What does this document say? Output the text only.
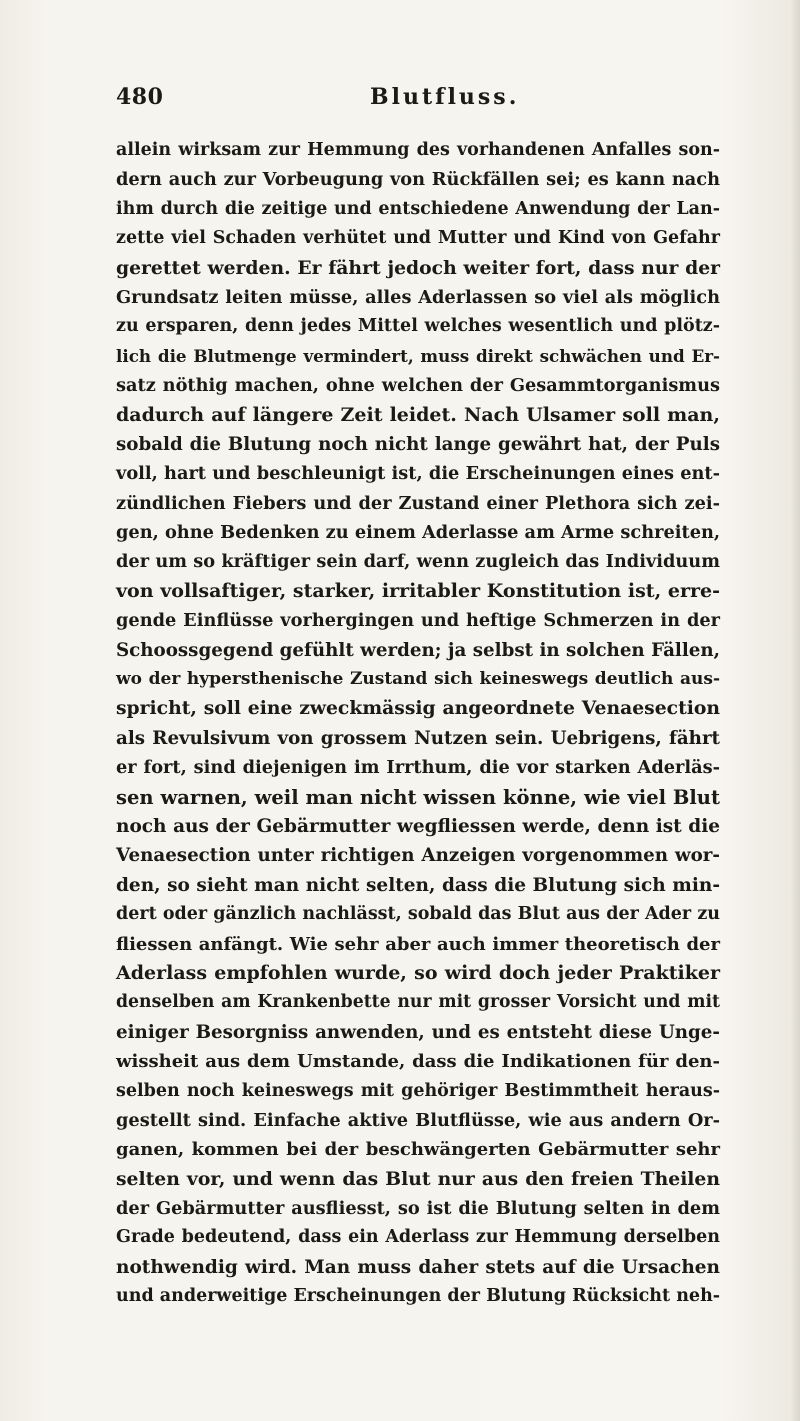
480	Blutfluss.
allein wirksam zur Hemmung des vorhandenen Anfalles son-
dern auch zur Vorbeugung von Rückfällen sei; es kann nach
ihm durch die zeitige und entschiedene Anwendung der Lan-
zette viel Schaden verhütet und Mutter und Kind von Gefahr
gerettet werden. Er fährt jedoch weiter fort, dass nur der
Grundsatz leiten müsse, alles Aderlassen so viel als möglich
zu ersparen, denn jedes Mittel welches wesentlich und plötz-
lich die Blutmenge vermindert, muss direkt schwächen und Er-
satz nöthig machen, ohne welchen der Gesammtorganismus
dadurch auf längere Zeit leidet. Nach Ulsamer soll man,
sobald die Blutung noch nicht lange gewährt hat, der Puls
voll, hart und beschleunigt ist, die Erscheinungen eines ent-
zündlichen Fiebers und der Zustand einer Plethora sich zei-
gen, ohne Bedenken zu einem Aderlasse am Arme schreiten,
der um so kräftiger sein darf, wenn zugleich das Individuum
von vollsaftiger, starker, irritabler Konstitution ist, erre-
gende Einflüsse vorhergingen und heftige Schmerzen in der
Schoossgegend gefühlt werden; ja selbst in solchen Fällen,
wo der hypersthenische Zustand sich keineswegs deutlich aus-
spricht, soll eine zweckmässig angeordnete Venaesection
als Revulsivum von grossem Nutzen sein. Uebrigens, fährt
er fort, sind diejenigen im Irrthum, die vor starken Aderläs-
sen warnen, weil man nicht wissen könne, wie viel Blut
noch aus der Gebärmutter wegfliessen werde, denn ist die
Venaesection unter richtigen Anzeigen vorgenommen wor-
den, so sieht man nicht selten, dass die Blutung sich min-
dert oder gänzlich nachlässt, sobald das Blut aus der Ader zu
fliessen anfängt. Wie sehr aber auch immer theoretisch der
Aderlass empfohlen wurde, so wird doch jeder Praktiker
denselben am Krankenbette nur mit grosser Vorsicht und mit
einiger Besorgniss anwenden, und es entsteht diese Unge-
wissheit aus dem Umstande, dass die Indikationen für den-
selben noch keineswegs mit gehöriger Bestimmtheit heraus-
gestellt sind. Einfache aktive Blutflüsse, wie aus andern Or-
ganen, kommen bei der beschwängerten Gebärmutter sehr
selten vor, und wenn das Blut nur aus den freien Theilen
der Gebärmutter ausfliesst, so ist die Blutung selten in dem
Grade bedeutend, dass ein Aderlass zur Hemmung derselben
nothwendig wird. Man muss daher stets auf die Ursachen
und anderweitige Erscheinungen der Blutung Rücksicht neh-
